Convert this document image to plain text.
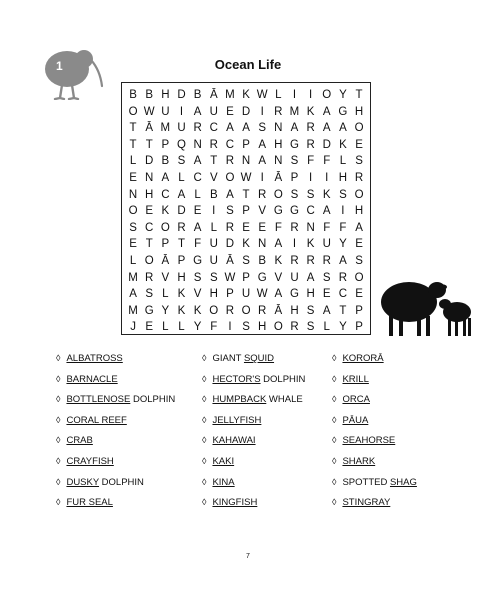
1	Ocean Life
B B H D B Ā M K W L I	I O Y T
O W U I A U E D I R M K A G H
T Ā M U R C A A S N A R A A O
T T P Q N R C P A H G R D K E
L D B S A T R N A N S F F L S
E N A L C V O W I Ā P I	I H R
N H C A L B A T R O S S K S O
O E K D E I S P V G G C A I H
S C O R A L R E E F R N F F A
E T P T F U D K N A I K U Y E
L O Ā P G U Ā S B K R R R A S
M R V H S S W P G V U A S R O
A S L K V H P U W A G H E C E
M G Y K K O R O R Ā H S A T P
J E L L Y F I S H O R S L Y P
◊ ALBATROSS
◊ BARNACLE
◊ BOTTLENOSE DOLPHIN
◊ CORAL REEF
◊ CRAB
◊ CRAYFISH
◊ DUSKY DOLPHIN
◊ FUR SEAL
◊ GIANT SQUID
◊ HECTOR'S DOLPHIN
◊ HUMPBACK WHALE
◊ JELLYFISH
◊ KAHAWAI
◊ KAKI
◊ KINA
◊ KINGFISH
◊ KORORĀ
◊ KRILL
◊ ORCA
◊ PĀUA
◊ SEAHORSE
◊ SHARK
◊ SPOTTED SHAG
◊ STINGRAY
7
